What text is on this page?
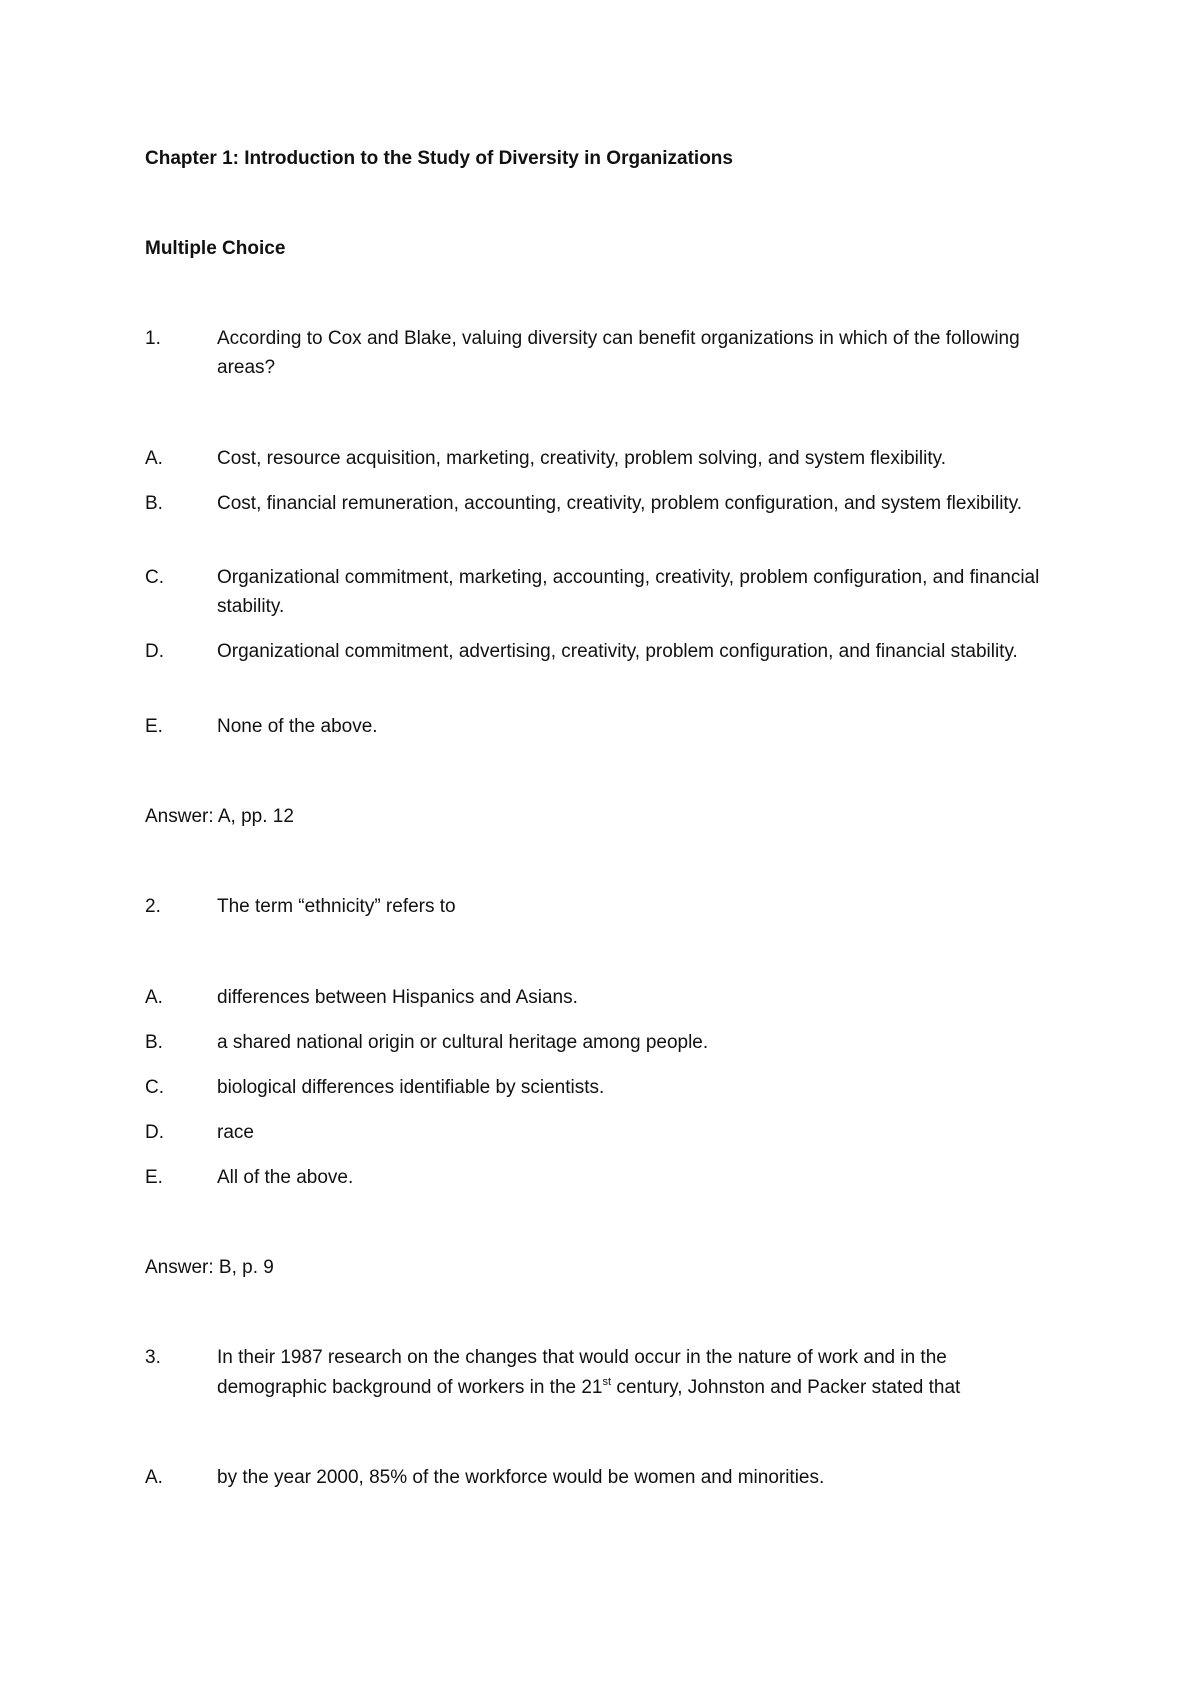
Chapter 1: Introduction to the Study of Diversity in Organizations
Multiple Choice
1.	According to Cox and Blake, valuing diversity can benefit organizations in which of the following areas?
A.	Cost, resource acquisition, marketing, creativity, problem solving, and system flexibility.
B.	Cost, financial remuneration, accounting, creativity, problem configuration, and system flexibility.
C.	Organizational commitment, marketing, accounting, creativity, problem configuration, and financial stability.
D.	Organizational commitment, advertising, creativity, problem configuration, and financial stability.
E.	None of the above.
Answer: A, pp. 12
2.	The term “ethnicity” refers to
A.	differences between Hispanics and Asians.
B.	a shared national origin or cultural heritage among people.
C.	biological differences identifiable by scientists.
D.	race
E.	All of the above.
Answer: B, p. 9
3.	In their 1987 research on the changes that would occur in the nature of work and in the
demographic background of workers in the 21st century, Johnston and Packer stated that
A.	by the year 2000, 85% of the workforce would be women and minorities.
